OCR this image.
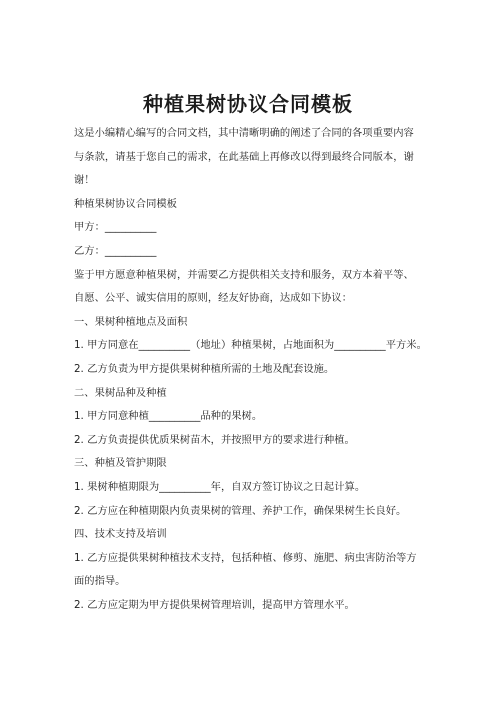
种植果树协议合同模板

这是小编精心编写的合同文档，其中清晰明确的阐述了合同的各项重要内容与条款，请基于您自己的需求，在此基础上再修改以得到最终合同版本，谢谢！

种植果树协议合同模板

甲方：__________

乙方：__________

鉴于甲方愿意种植果树，并需要乙方提供相关支持和服务，双方本着平等、自愿、公平、诚实信用的原则，经友好协商，达成如下协议：

一、果树种植地点及面积

1. 甲方同意在__________（地址）种植果树，占地面积为__________平方米。

2. 乙方负责为甲方提供果树种植所需的土地及配套设施。

二、果树品种及种植

1. 甲方同意种植__________品种的果树。

2. 乙方负责提供优质果树苗木，并按照甲方的要求进行种植。

三、种植及管护期限

1. 果树种植期限为__________年，自双方签订协议之日起计算。

2. 乙方应在种植期限内负责果树的管理、养护工作，确保果树生长良好。

四、技术支持及培训

1. 乙方应提供果树种植技术支持，包括种植、修剪、施肥、病虫害防治等方面的指导。

2. 乙方应定期为甲方提供果树管理培训，提高甲方管理水平。
